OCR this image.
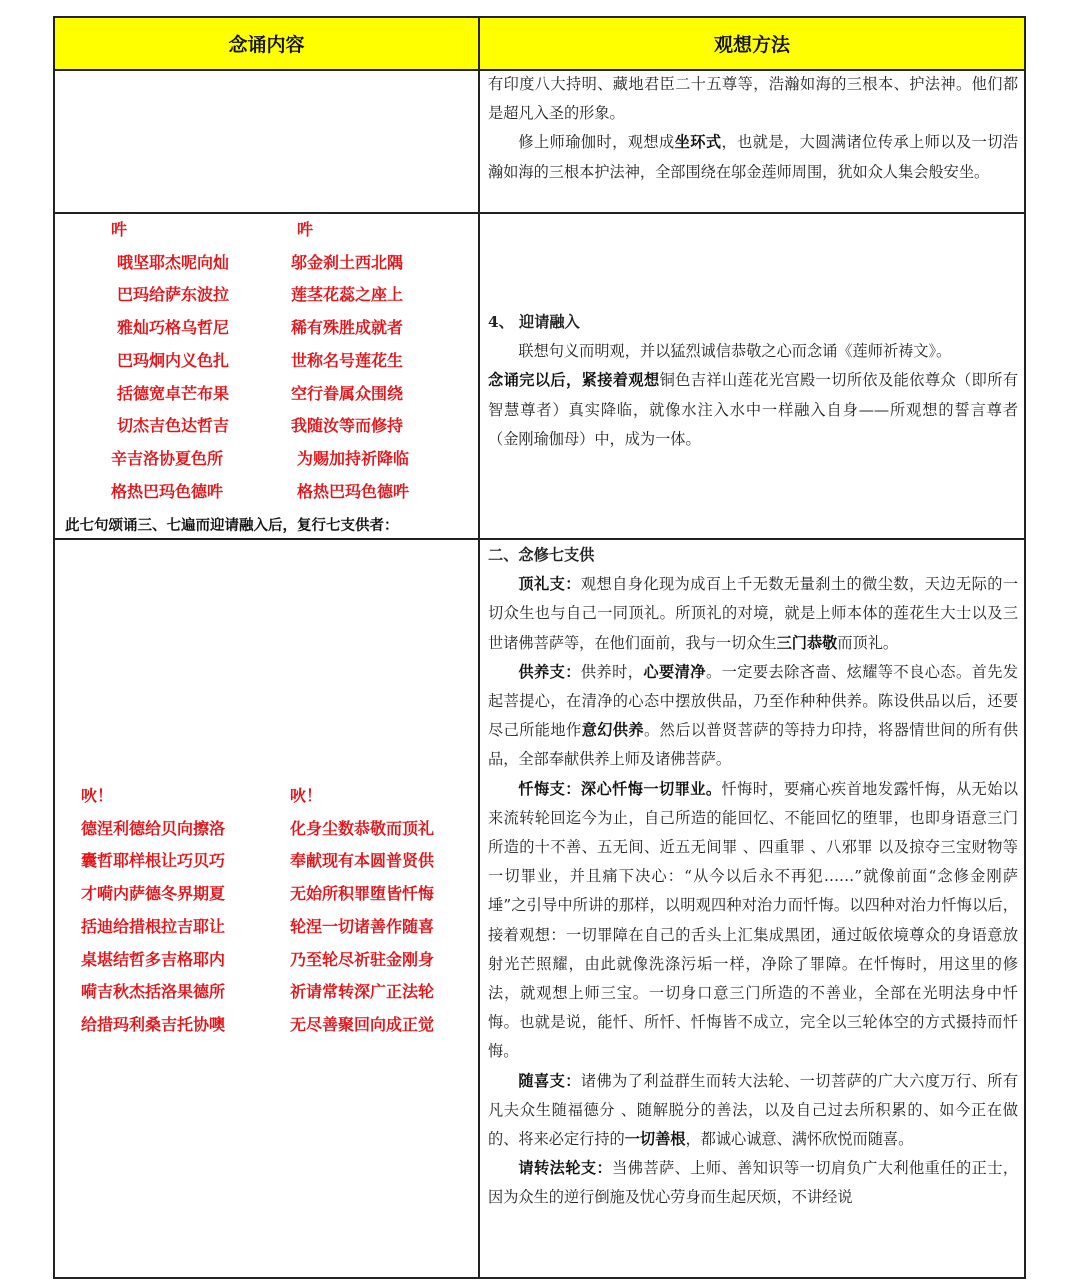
念诵内容	观想方法

有印度八大持明、藏地君臣二十五尊等，浩瀚如海的三根本、护法神。他们都是超凡入圣的形象。

修上师瑜伽时，观想成坐环式，也就是，大圆满诸位传承上师以及一切浩瀚如海的三根本护法神，全部围绕在邬金莲师周围，犹如众人集会般安坐。

吽
哦坚耶杰呢向灿
巴玛给萨东波拉
雅灿巧格乌哲尼
巴玛炯内义色扎
括德宽卓芒布果
切杰吉色达哲吉
辛吉洛协夏色所
格热巴玛色德吽
吽
邬金刹土西北隅
莲茎花蕊之座上
稀有殊胜成就者
世称名号莲花生
空行眷属众围绕
我随汝等而修持
为赐加持祈降临
格热巴玛色德吽
此七句颂诵三、七遍而迎请融入后，复行七支供者：

4、 迎请融入

联想句义而明观，并以猛烈诚信恭敬之心而念诵《莲师祈祷文》。

念诵完以后，紧接着观想铜色吉祥山莲花光宫殿一切所依及能依尊众（即所有智慧尊者）真实降临，就像水注入水中一样融入自身——所观想的誓言尊者（金刚瑜伽母）中，成为一体。

吙！
德涅利德给贝向擦洛
囊哲耶样根让巧贝巧
才嗬内萨德冬界期夏
括迪给措根拉吉耶让
桌堪结哲多吉格耶内
嗬吉秋杰括洛果德所
给措玛利桑吉托协噢
吙！
化身尘数恭敬而顶礼
奉献现有本圆普贤供
无始所积罪堕皆忏悔
轮涅一切诸善作随喜
乃至轮尽祈驻金刚身
祈请常转深广正法轮
无尽善聚回向成正觉

二、念修七支供

顶礼支：观想自身化现为成百上千无数无量刹土的微尘数，天边无际的一切众生也与自己一同顶礼。所顶礼的对境，就是上师本体的莲花生大士以及三世诸佛菩萨等，在他们面前，我与一切众生三门恭敬而顶礼。

供养支：供养时，心要清净。一定要去除吝啬、炫耀等不良心态。首先发起菩提心，在清净的心态中摆放供品，乃至作种种供养。陈设供品以后，还要尽己所能地作意幻供养。然后以普贤菩萨的等持力印持，将器情世间的所有供品，全部奉献供养上师及诸佛菩萨。

忏悔支：深心忏悔一切罪业。忏悔时，要痛心疾首地发露忏悔，从无始以来流转轮回迄今为止，自己所造的能回忆、不能回忆的堕罪，也即身语意三门所造的十不善、五无间、近五无间罪 、四重罪 、八邪罪 以及掠夺三宝财物等一切罪业，并且痛下决心：“从今以后永不再犯……”就像前面“念修金刚萨埵”之引导中所讲的那样，以明观四种对治力而忏悔。以四种对治力忏悔以后，接着观想：一切罪障在自己的舌头上汇集成黑团，通过皈依境尊众的身语意放射光芒照耀，由此就像洗涤污垢一样，净除了罪障。在忏悔时，用这里的修法，就观想上师三宝。一切身口意三门所造的不善业，全部在光明法身中忏悔。也就是说，能忏、所忏、忏悔皆不成立，完全以三轮体空的方式摄持而忏悔。

随喜支：诸佛为了利益群生而转大法轮、一切菩萨的广大六度万行、所有凡夫众生随福德分 、随解脱分的善法，以及自己过去所积累的、如今正在做的、将来必定行持的一切善根，都诚心诚意、满怀欣悦而随喜。

请转法轮支：当佛菩萨、上师、善知识等一切肩负广大利他重任的正士，因为众生的逆行倒施及忧心劳身而生起厌烦，不讲经说
